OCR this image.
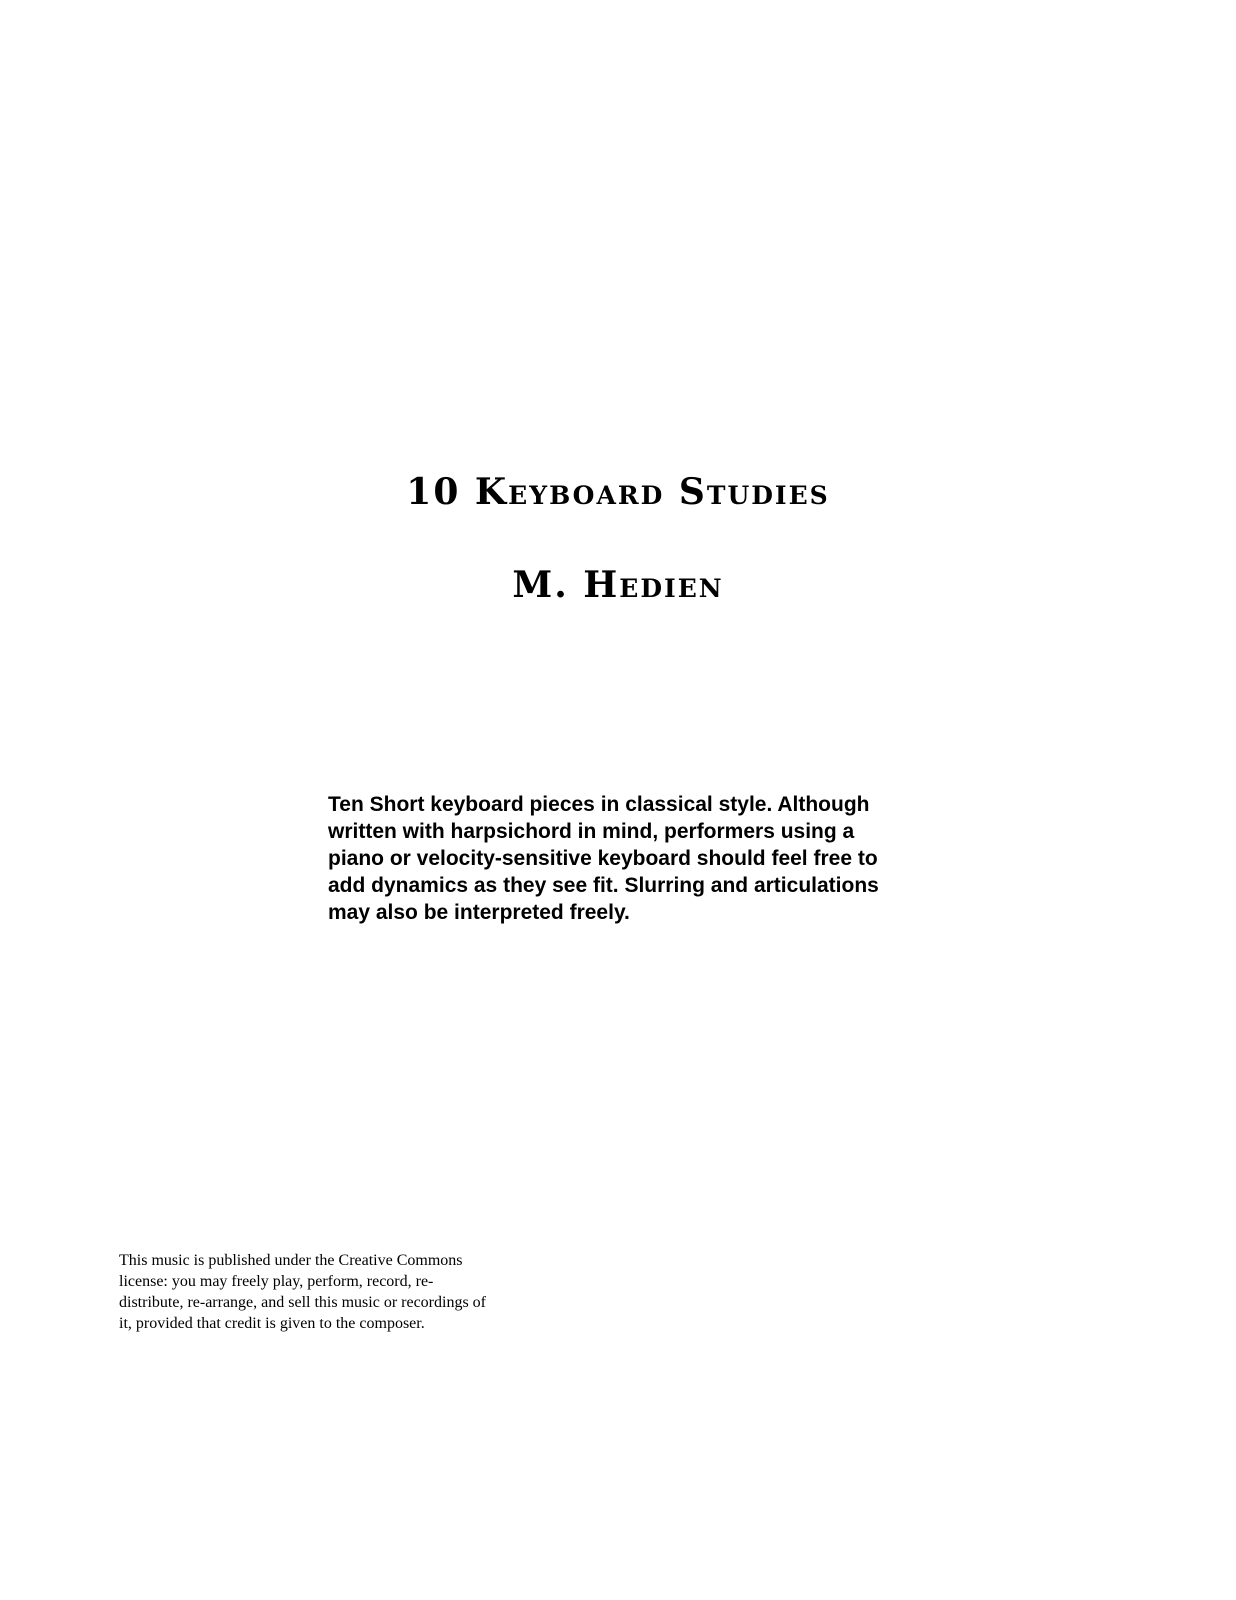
10 Keyboard Studies
M. Hedien

Ten Short keyboard pieces in classical style. Although
written with harpsichord in mind, performers using a
piano or velocity-sensitive keyboard should feel free to
add dynamics as they see fit. Slurring and articulations
may also be interpreted freely.

This music is published under the Creative Commons
license: you may freely play, perform, record, re-
distribute, re-arrange, and sell this music or recordings of
it, provided that credit is given to the composer.
